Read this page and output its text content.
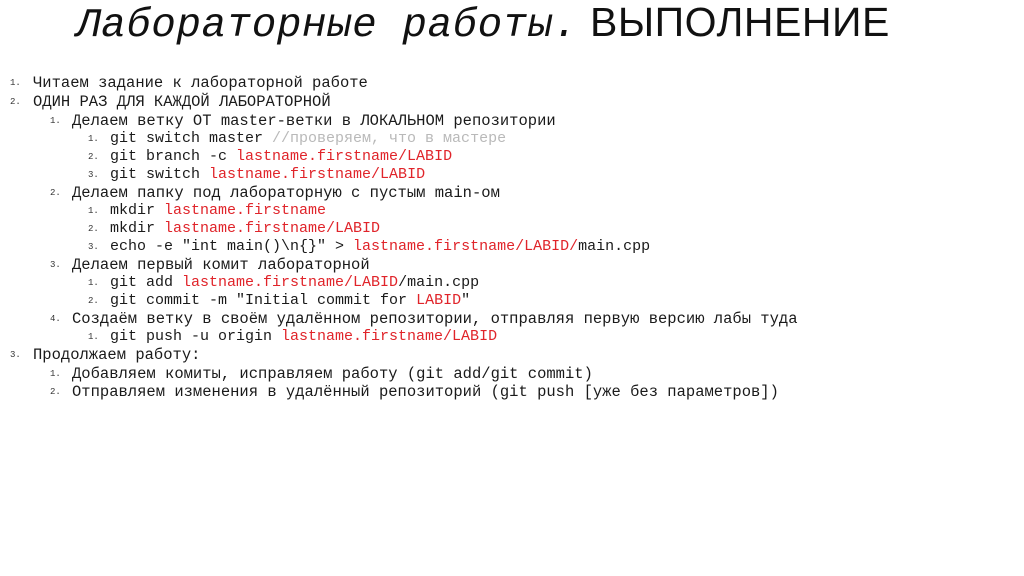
Лабораторные работы. ВЫПОЛНЕНИЕ
1. Читаем задание к лабораторной работе
2. ОДИН РАЗ ДЛЯ КАЖДОЙ ЛАБОРАТОРНОЙ
1. Делаем ветку ОТ master-ветки в ЛОКАЛЬНОМ репозитории
1. git switch master //проверяем, что в мастере
2. git branch -c lastname.firstname/LABID
3. git switch lastname.firstname/LABID
2. Делаем папку под лабораторную с пустым main-ом
1. mkdir lastname.firstname
2. mkdir lastname.firstname/LABID
3. echo -e "int main()\n{}" > lastname.firstname/LABID/main.cpp
3. Делаем первый комит лабораторной
1. git add lastname.firstname/LABID/main.cpp
2. git commit -m "Initial commit for LABID"
4. Создаём ветку в своём удалённом репозитории, отправляя первую версию лабы туда
1. git push -u origin lastname.firstname/LABID
3. Продолжаем работу:
1. Добавляем комиты, исправляем работу (git add/git commit)
2. Отправляем изменения в удалённый репозиторий (git push [уже без параметров])
